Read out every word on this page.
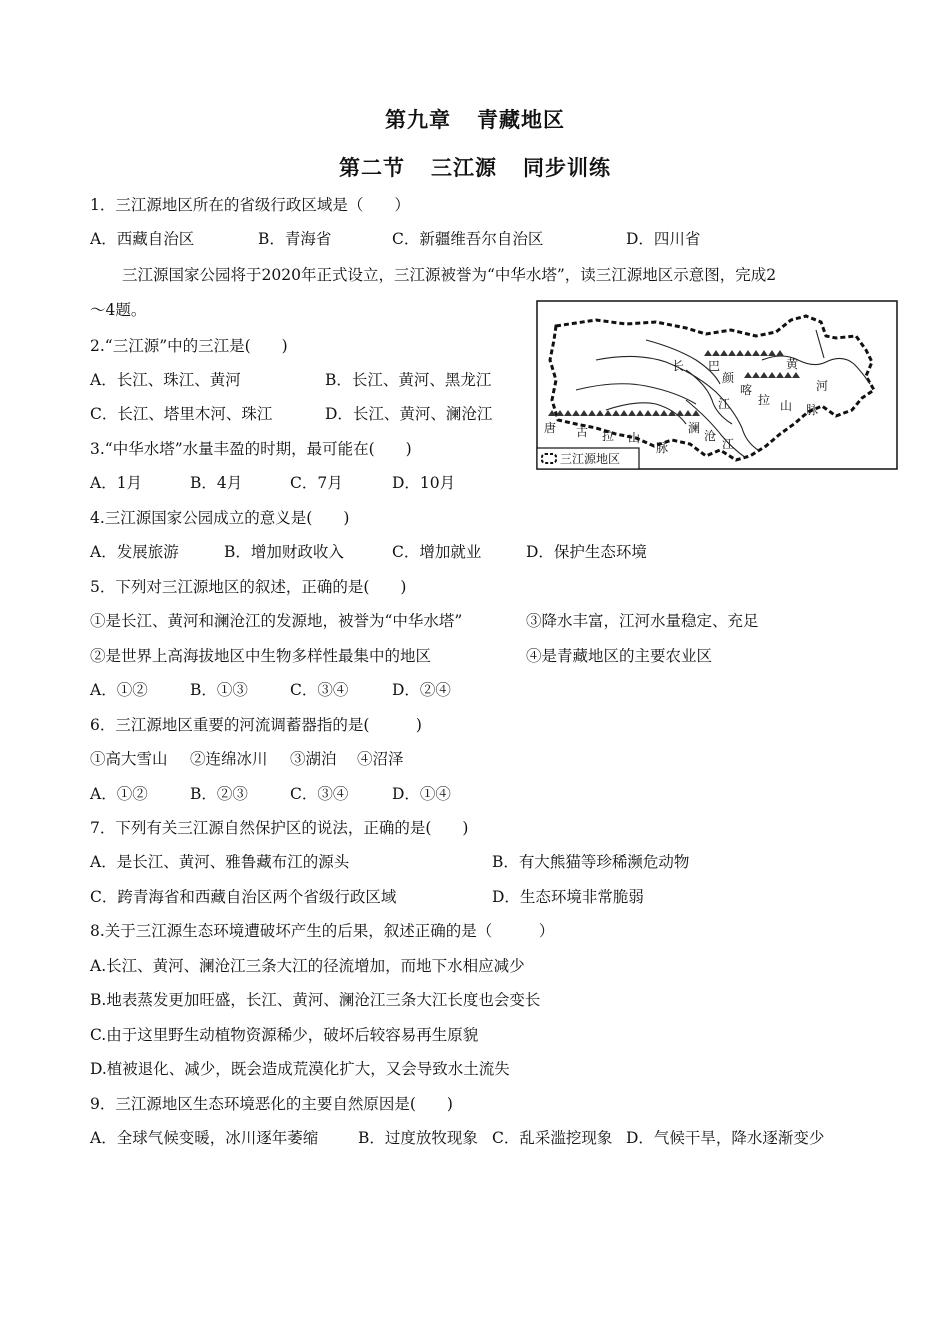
第九章 青藏地区
第二节 三江源 同步训练
1．三江源地区所在的省级行政区域是（　　）
A．西藏自治区	B．青海省	C．新疆维吾尔自治区	D．四川省
三江源国家公园将于2020年正式设立，三江源被誉为“中华水塔”，读三江源地区示意图，完成2
～4题。
2.“三江源”中的三江是(　　)
A．长江、珠江、黄河	B．长江、黄河、黑龙江
C．长江、塔里木河、珠江	D．长江、黄河、澜沧江
3.“中华水塔”水量丰盈的时期，最可能在(　　)
A．1月	B．4月	C．7月	D．10月
4.三江源国家公园成立的意义是(　　)
A．发展旅游	B．增加财政收入	C．增加就业	D．保护生态环境
5．下列对三江源地区的叙述，正确的是(　　)
①是长江、黄河和澜沧江的发源地，被誉为“中华水塔”	③降水丰富，江河水量稳定、充足
②是世界上高海拔地区中生物多样性最集中的地区	④是青藏地区的主要农业区
A．①②	B．①③	C．③④	D．②④
6．三江源地区重要的河流调蓄器指的是(　　　)
①高大雪山 ②连绵冰川 ③湖泊 ④沼泽
A．①②	B．②③	C．③④	D．①④
7．下列有关三江源自然保护区的说法，正确的是(　　)
A．是长江、黄河、雅鲁藏布江的源头	B．有大熊猫等珍稀濒危动物
C．跨青海省和西藏自治区两个省级行政区域	D．生态环境非常脆弱
8.关于三江源生态环境遭破坏产生的后果，叙述正确的是（　　　）
A.长江、黄河、澜沧江三条大江的径流增加，而地下水相应减少
B.地表蒸发更加旺盛，长江、黄河、澜沧江三条大江长度也会变长
C.由于这里野生动植物资源稀少，破坏后较容易再生原貌
D.植被退化、减少，既会造成荒漠化扩大，又会导致水土流失
9．三江源地区生态环境恶化的主要自然原因是(　　)
A．全球气候变暖，冰川逐年萎缩	B．过度放牧现象 C．乱采滥挖现象 D．气候干旱，降水逐渐变少
长
江
巴
颜
喀
拉 山 脉
黄
河
唐 古 拉 山
脉
澜
沧
江
三江源地区
